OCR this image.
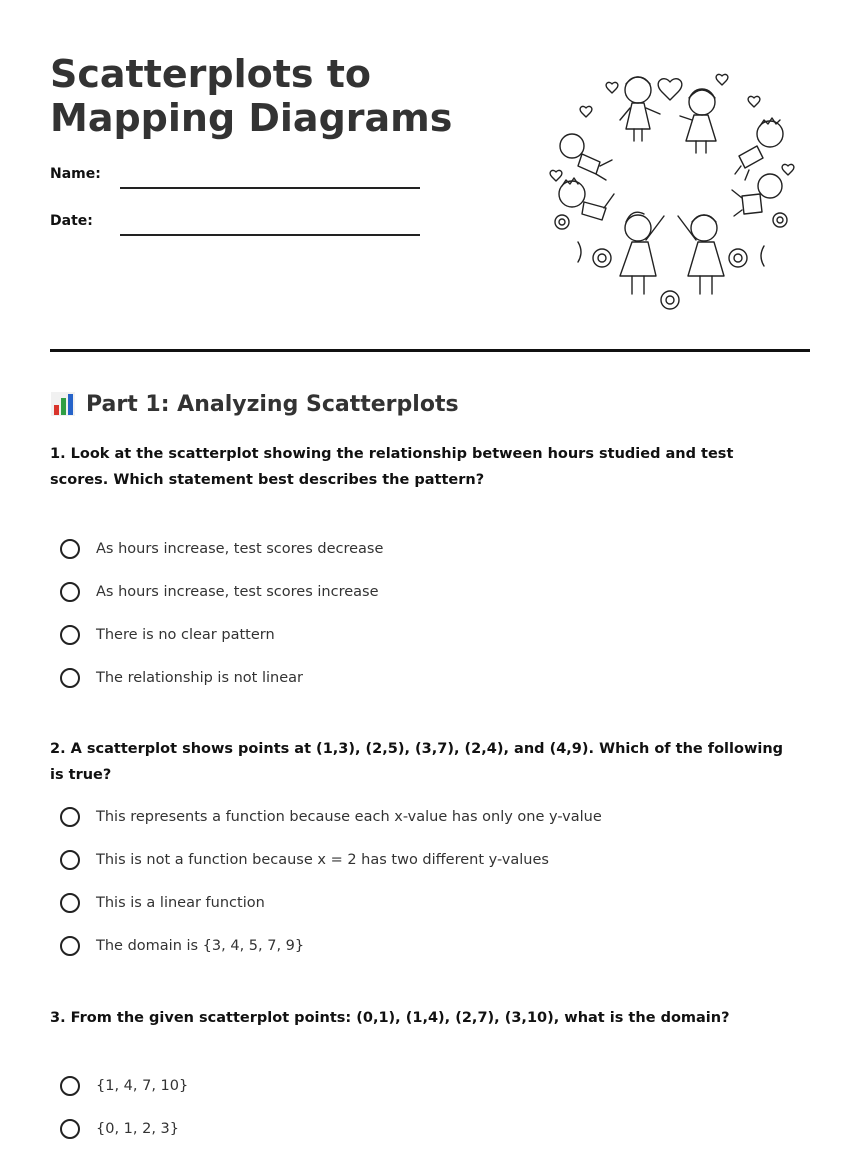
Scatterplots to Mapping Diagrams
Name:
Date:
Part 1: Analyzing Scatterplots
1. Look at the scatterplot showing the relationship between hours studied and test scores. Which statement best describes the pattern?
As hours increase, test scores decrease
As hours increase, test scores increase
There is no clear pattern
The relationship is not linear
2. A scatterplot shows points at (1,3), (2,5), (3,7), (2,4), and (4,9). Which of the following is true?
This represents a function because each x-value has only one y-value
This is not a function because x = 2 has two different y-values
This is a linear function
The domain is {3, 4, 5, 7, 9}
3. From the given scatterplot points: (0,1), (1,4), (2,7), (3,10), what is the domain?
{1, 4, 7, 10}
{0, 1, 2, 3}
